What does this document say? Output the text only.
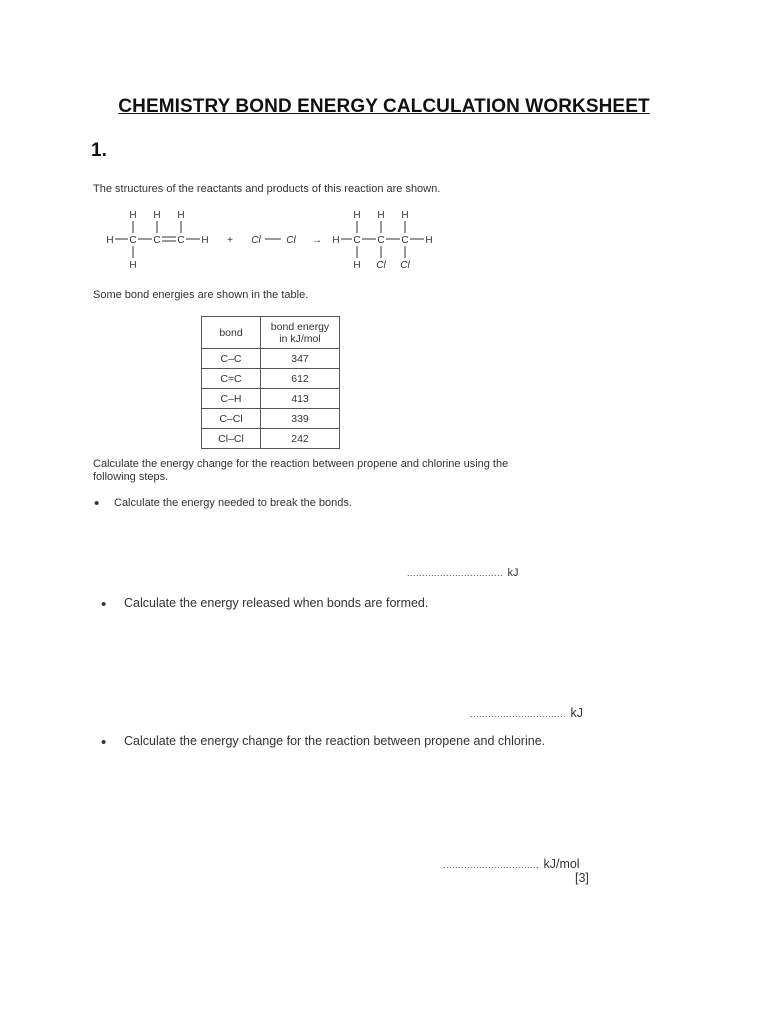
CHEMISTRY BOND ENERGY CALCULATION WORKSHEET
1.
The structures of the reactants and products of this reaction are shown.
H H H
H C C C H
H
+ Cl	Cl →
H H H
H C C C H
H Cl Cl
Some bond energies are shown in the table.
bond	bond energy
in kJ/mol
C–C	347
C=C	612
C–H	413
C–Cl	339
Cl–Cl	242
Calculate the energy change for the reaction between propene and chlorine using the
following steps.
• Calculate the energy needed to break the bonds.
................................ kJ
• Calculate the energy released when bonds are formed.
................................ kJ
• Calculate the energy change for the reaction between propene and chlorine.
................................ kJ/mol
[3]
